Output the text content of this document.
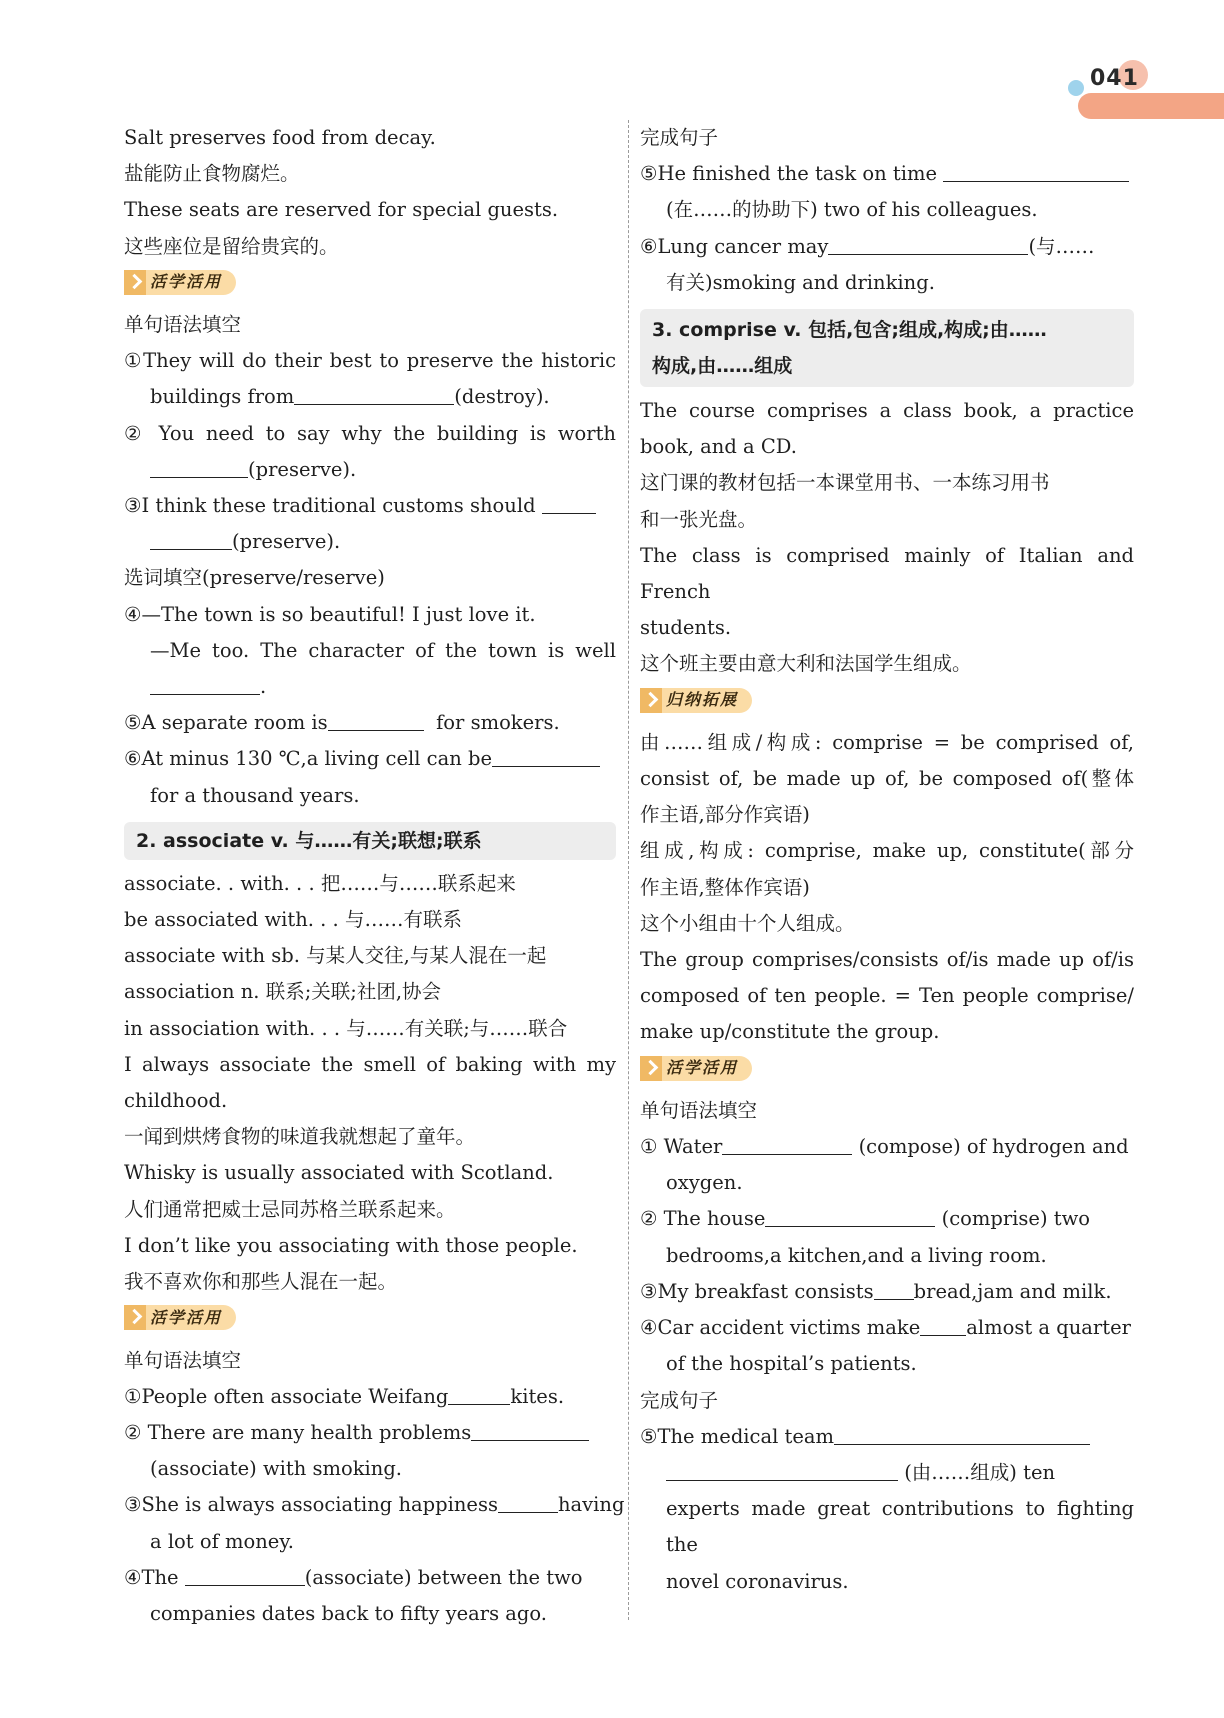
041
Salt preserves food from decay.
盐能防止食物腐烂。
These seats are reserved for special guests.
这些座位是留给贵宾的。
活学活用
单句语法填空
①They will do their best to preserve the historic
buildings from	(destroy).
② You need to say why the building is worth
(preserve).
③I think these traditional customs should
(preserve).
选词填空(preserve/reserve)
④—The town is so beautiful! I just love it.
—Me too. The character of the town is well
.
⑤A separate room is	for smokers.
⑥At minus 130 ℃,a living cell can be
for a thousand years.
2. associate v. 与……有关;联想;联系
associate. . with. . . 把……与……联系起来
be associated with. . . 与……有联系
associate with sb. 与某人交往,与某人混在一起
association n. 联系;关联;社团,协会
in association with. . . 与……有关联;与……联合
I always associate the smell of baking with my
childhood.
一闻到烘烤食物的味道我就想起了童年。
Whisky is usually associated with Scotland.
人们通常把威士忌同苏格兰联系起来。
I don’t like you associating with those people.
我不喜欢你和那些人混在一起。
活学活用
单句语法填空
①People often associate Weifang	kites.
② There are many health problems
(associate) with smoking.
③She is always associating happiness	having
a lot of money.
④The	(associate) between the two
companies dates back to fifty years ago.
完成句子
⑤He finished the task on time
(在……的协助下) two of his colleagues.
⑥Lung cancer may	(与……
有关)smoking and drinking.
3. comprise v. 包括,包含;组成,构成;由……
构成,由……组成
The course comprises a class book, a practice
book, and a CD.
这门课的教材包括一本课堂用书、一本练习用书
和一张光盘。
The class is comprised mainly of Italian and French
students.
这个班主要由意大利和法国学生组成。
归纳拓展
由……组成/构成: comprise = be comprised of,
consist of, be made up of, be composed of(整体
作主语,部分作宾语)
组成,构成: comprise, make up, constitute(部分
作主语,整体作宾语)
这个小组由十个人组成。
The group comprises/consists of/is made up of/is
composed of ten people. = Ten people comprise/
make up/constitute the group.
活学活用
单句语法填空
① Water	(compose) of hydrogen and
oxygen.
② The house	(comprise) two
bedrooms,a kitchen,and a living room.
③My breakfast consists bread,jam and milk.
④Car accident victims make almost a quarter
of the hospital’s patients.
完成句子
⑤The medical team
(由……组成) ten
experts made great contributions to fighting the
novel coronavirus.
